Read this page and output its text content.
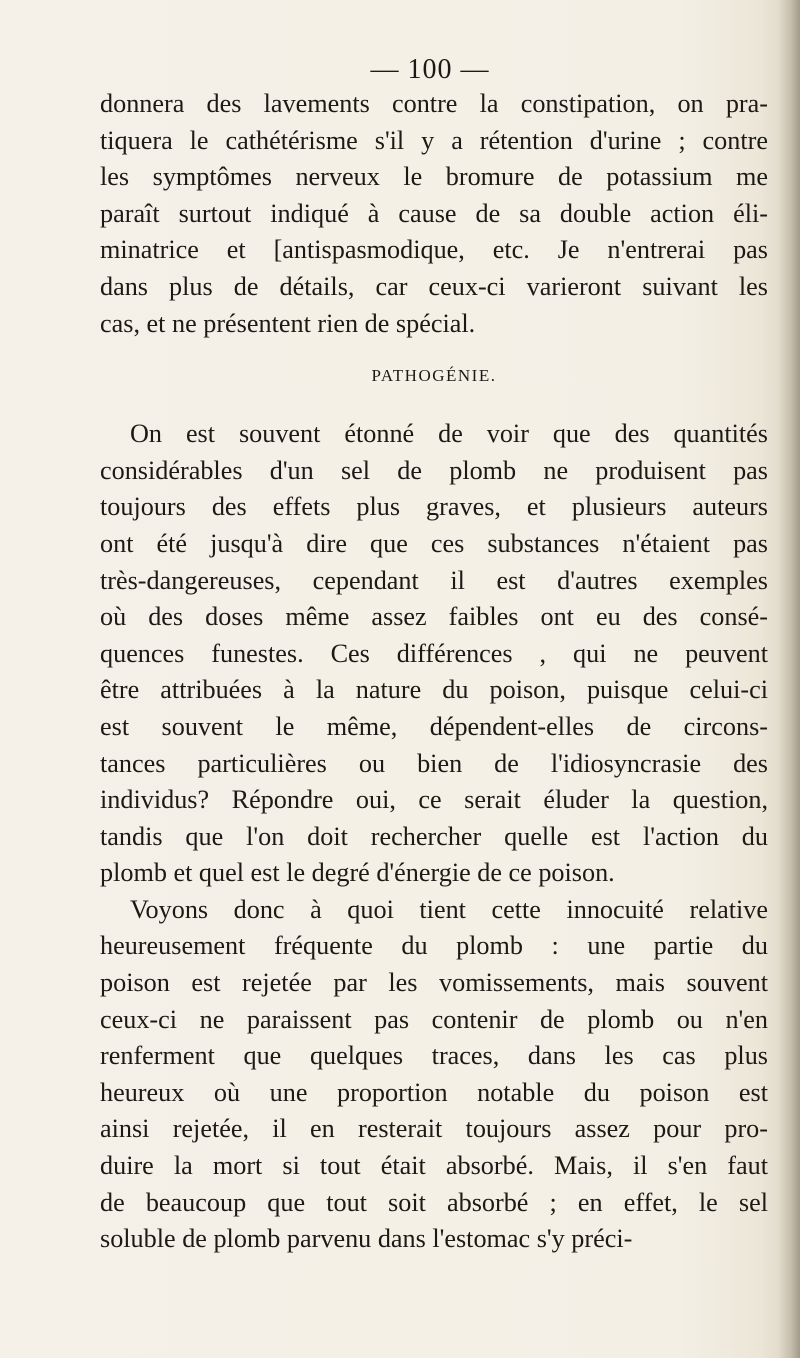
— 100 —
donnera des lavements contre la constipation, on pra-
tiquera le cathétérisme s'il y a rétention d'urine ; contre
les symptômes nerveux le bromure de potassium me
paraît surtout indiqué à cause de sa double action éli-
minatrice et [antispasmodique, etc. Je n'entrerai pas
dans plus de détails, car ceux-ci varieront suivant les
cas, et ne présentent rien de spécial.
PATHOGÉNIE.
On est souvent étonné de voir que des quantités
considérables d'un sel de plomb ne produisent pas
toujours des effets plus graves, et plusieurs auteurs
ont été jusqu'à dire que ces substances n'étaient pas
très-dangereuses, cependant il est d'autres exemples
où des doses même assez faibles ont eu des consé-
quences funestes. Ces différences , qui ne peuvent
être attribuées à la nature du poison, puisque celui-ci
est souvent le même, dépendent-elles de circons-
tances particulières ou bien de l'idiosyncrasie des
individus? Répondre oui, ce serait éluder la question,
tandis que l'on doit rechercher quelle est l'action du
plomb et quel est le degré d'énergie de ce poison.
Voyons donc à quoi tient cette innocuité relative
heureusement fréquente du plomb : une partie du
poison est rejetée par les vomissements, mais souvent
ceux-ci ne paraissent pas contenir de plomb ou n'en
renferment que quelques traces, dans les cas plus
heureux où une proportion notable du poison est
ainsi rejetée, il en resterait toujours assez pour pro-
duire la mort si tout était absorbé. Mais, il s'en faut
de beaucoup que tout soit absorbé ; en effet, le sel
soluble de plomb parvenu dans l'estomac s'y préci-
